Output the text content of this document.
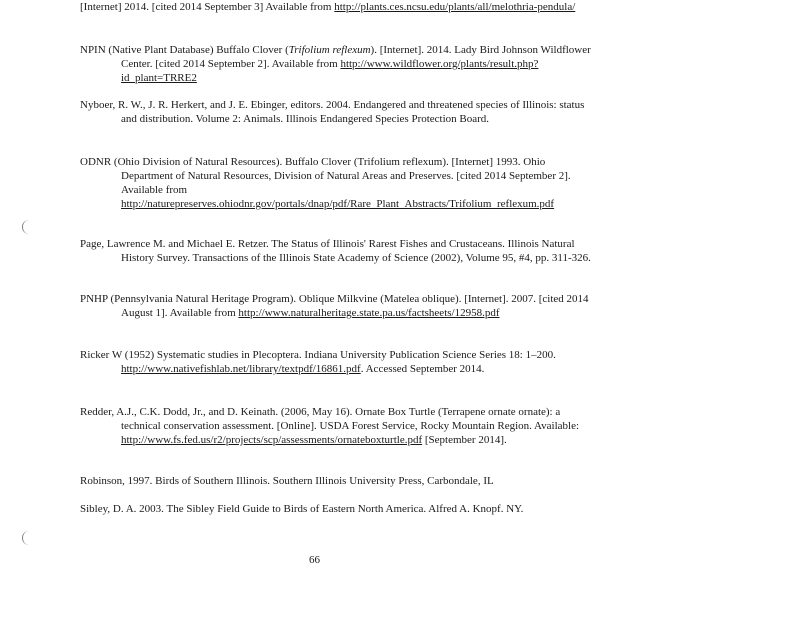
[Internet] 2014. [cited 2014 September 3] Available from http://plants.ces.ncsu.edu/plants/all/melothria-pendula/

NPIN (Native Plant Database) Buffalo Clover (Trifolium reflexum). [Internet]. 2014. Lady Bird Johnson Wildflower Center. [cited 2014 September 2]. Available from http://www.wildflower.org/plants/result.php?id_plant=TRRE2

Nyboer, R. W., J. R. Herkert, and J. E. Ebinger, editors. 2004. Endangered and threatened species of Illinois: status and distribution. Volume 2: Animals. Illinois Endangered Species Protection Board.

ODNR (Ohio Division of Natural Resources). Buffalo Clover (Trifolium reflexum). [Internet] 1993. Ohio Department of Natural Resources, Division of Natural Areas and Preserves. [cited 2014 September 2]. Available from http://naturepreserves.ohiodnr.gov/portals/dnap/pdf/Rare_Plant_Abstracts/Trifolium_reflexum.pdf

Page, Lawrence M. and Michael E. Retzer. The Status of Illinois' Rarest Fishes and Crustaceans. Illinois Natural History Survey. Transactions of the Illinois State Academy of Science (2002), Volume 95, #4, pp. 311-326.

PNHP (Pennsylvania Natural Heritage Program). Oblique Milkvine (Matelea oblique). [Internet]. 2007. [cited 2014 August 1]. Available from http://www.naturalheritage.state.pa.us/factsheets/12958.pdf

Ricker W (1952) Systematic studies in Plecoptera. Indiana University Publication Science Series 18: 1–200. http://www.nativefishlab.net/library/textpdf/16861.pdf. Accessed September 2014.

Redder, A.J., C.K. Dodd, Jr., and D. Keinath. (2006, May 16). Ornate Box Turtle (Terrapene ornate ornate): a technical conservation assessment. [Online]. USDA Forest Service, Rocky Mountain Region. Available: http://www.fs.fed.us/r2/projects/scp/assessments/ornateboxturtle.pdf [September 2014].

Robinson, 1997. Birds of Southern Illinois. Southern Illinois University Press, Carbondale, IL

Sibley, D. A. 2003. The Sibley Field Guide to Birds of Eastern North America. Alfred A. Knopf. NY.

66
